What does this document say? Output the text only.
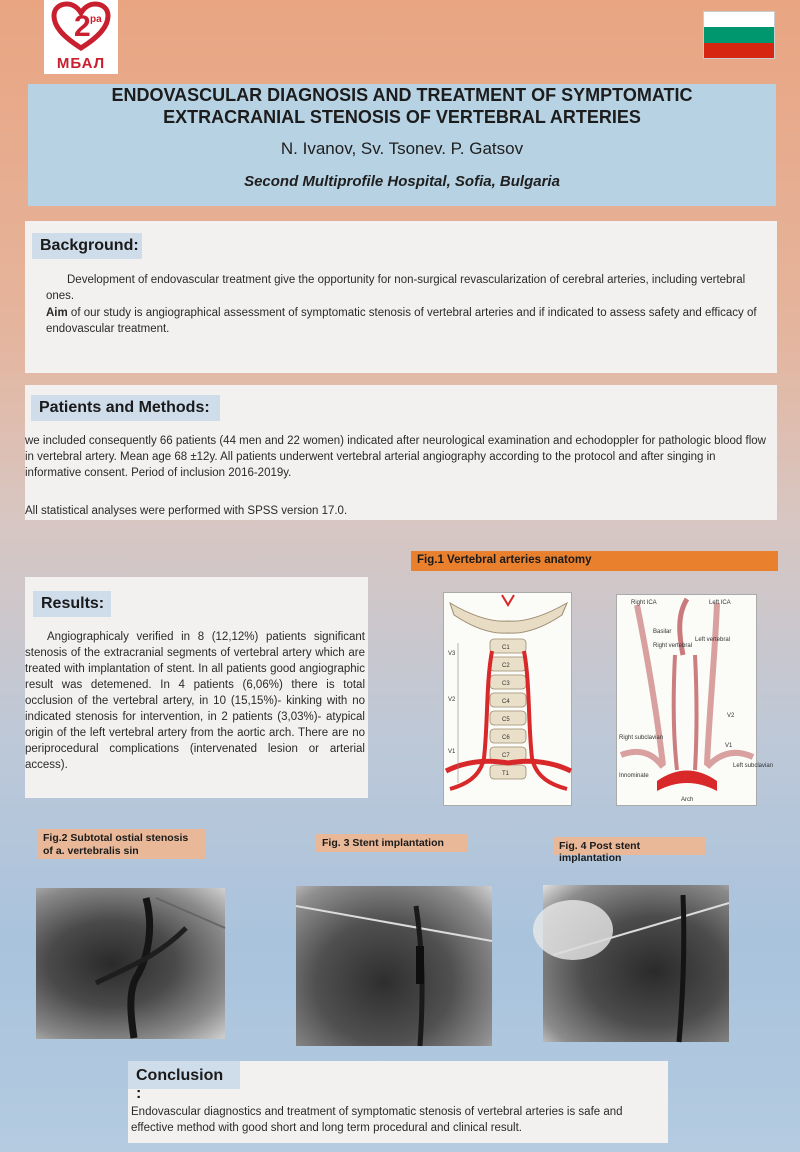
2 ра
МБАЛ
ENDOVASCULAR DIAGNOSIS AND TREATMENT OF SYMPTOMATIC EXTRACRANIAL STENOSIS OF VERTEBRAL ARTERIES
N. Ivanov, Sv. Tsonev. P. Gatsov
Second Multiprofile Hospital, Sofia, Bulgaria
Background:
Development of endovascular treatment give the opportunity for non-surgical revascularization of cerebral arteries, including vertebral ones.
Aim of our study is angiographical assessment of symptomatic stenosis of vertebral arteries and if indicated to assess safety and efficacy of endovascular treatment.
Patients and Methods:
we included consequently 66 patients (44 men and 22 women) indicated after neurological examination and echodoppler for pathologic blood flow in vertebral artery. Mean age 68 ±12y. All patients underwent vertebral arterial angiography according to the protocol and after singing in informative consent. Period of inclusion 2016-2019y.
All statistical analyses were performed with SPSS version 17.0.
Fig.1 Vertebral arteries anatomy
Results:
Angiographicaly verified in 8 (12,12%) patients significant stenosis of the extracranial segments of vertebral artery which are treated with implantation of stent. In all patients good angiographic result was detemened. In 4 patients (6,06%) there is total occlusion of the vertebral artery, in 10 (15,15%)- kinking with no indicated stenosis for intervention, in 2 patients (3,03%)- atypical origin of the left vertebral artery from the aortic arch. There are no periprocedural complications (intervenated lesion or arterial access).
C1
C2
C3
C4
C5
C6
C7
T1
V3
V2
V1
Right ICA	Left ICA
Basilar
Right vertebral
Left vertebral
V2
V1
Right subclavian
Innominate
Left subclavian
Arch
Fig.2 Subtotal ostial stenosis of a. vertebralis sin
Fig. 3 Stent implantation	Fig. 4 Post stent implantation
Conclusion :
Endovascular diagnostics and treatment of symptomatic stenosis of vertebral arteries is safe and effective method with good short and long term procedural and clinical result.
